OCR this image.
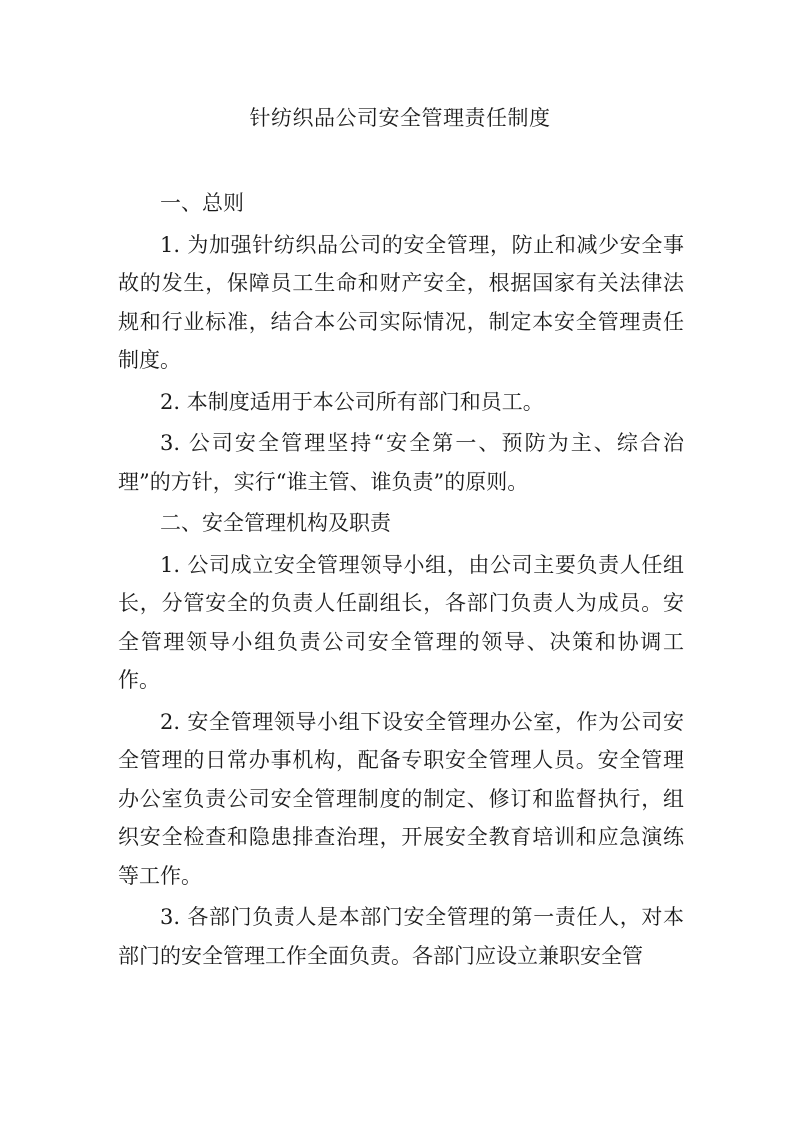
针纺织品公司安全管理责任制度

一、总则

1. 为加强针纺织品公司的安全管理，防止和减少安全事故的发生，保障员工生命和财产安全，根据国家有关法律法规和行业标准，结合本公司实际情况，制定本安全管理责任制度。

2. 本制度适用于本公司所有部门和员工。

3. 公司安全管理坚持“安全第一、预防为主、综合治理”的方针，实行“谁主管、谁负责”的原则。

二、安全管理机构及职责

1. 公司成立安全管理领导小组，由公司主要负责人任组长，分管安全的负责人任副组长，各部门负责人为成员。安全管理领导小组负责公司安全管理的领导、决策和协调工作。

2. 安全管理领导小组下设安全管理办公室，作为公司安全管理的日常办事机构，配备专职安全管理人员。安全管理办公室负责公司安全管理制度的制定、修订和监督执行，组织安全检查和隐患排查治理，开展安全教育培训和应急演练等工作。

3. 各部门负责人是本部门安全管理的第一责任人，对本部门的安全管理工作全面负责。各部门应设立兼职安全管
